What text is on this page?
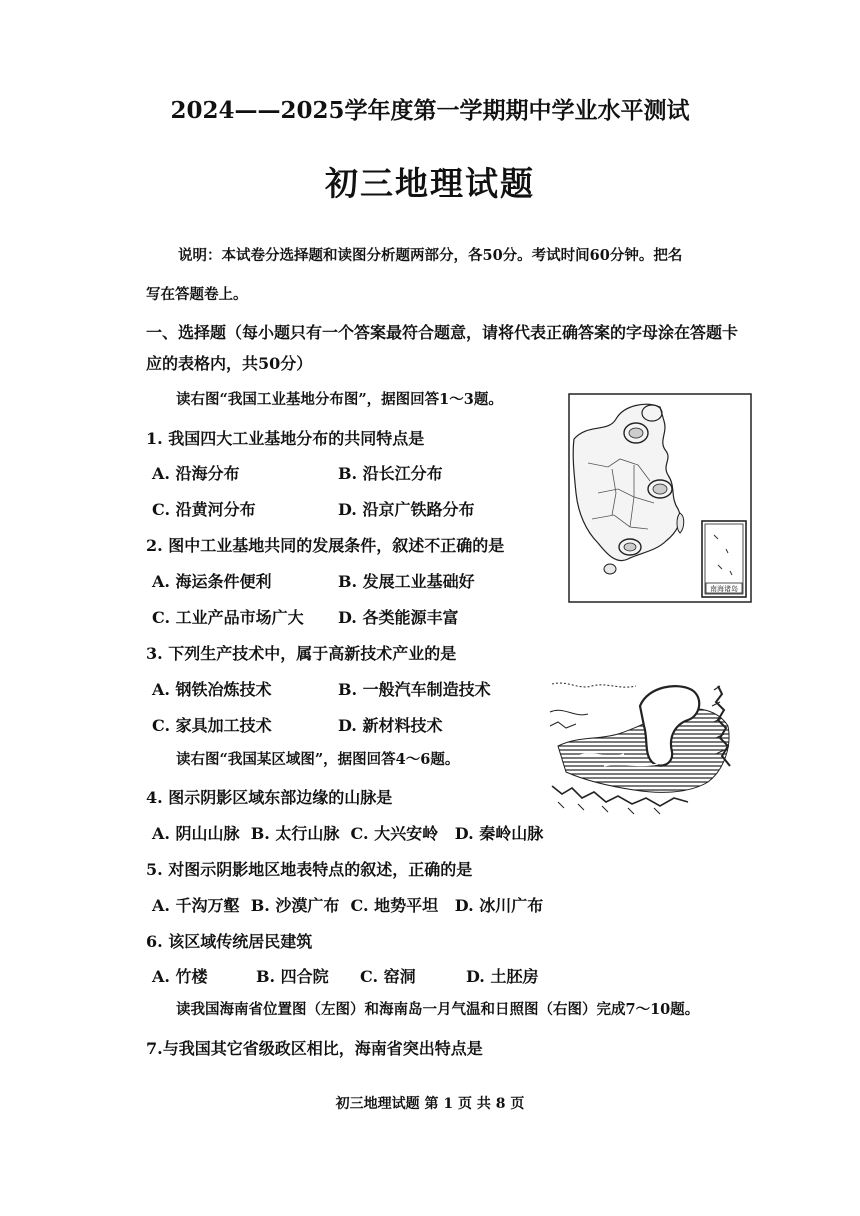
2024——2025学年度第一学期期中学业水平测试
初三地理试题
说明：本试卷分选择题和读图分析题两部分，各50分。考试时间60分钟。把名
写在答题卷上。
一、选择题（每小题只有一个答案最符合题意，请将代表正确答案的字母涂在答题卡
应的表格内，共50分）
读右图“我国工业基地分布图”，据图回答1～3题。
1. 我国四大工业基地分布的共同特点是
A. 沿海分布	B. 沿长江分布
C. 沿黄河分布	D. 沿京广铁路分布
2. 图中工业基地共同的发展条件，叙述不正确的是
A. 海运条件便利	B. 发展工业基础好
C. 工业产品市场广大 D. 各类能源丰富
3. 下列生产技术中，属于高新技术产业的是
A. 钢铁冶炼技术	B. 一般汽车制造技术
C. 家具加工技术	D. 新材料技术
读右图“我国某区域图”，据图回答4～6题。
4. 图示阴影区域东部边缘的山脉是
A. 阴山山脉  B. 太行山脉  C. 大兴安岭   D. 秦岭山脉
5. 对图示阴影地区地表特点的叙述，正确的是
A. 千沟万壑  B. 沙漠广布  C. 地势平坦   D. 冰川广布
6. 该区域传统居民建筑
A. 竹楼	B. 四合院 C. 窑洞	D. 土胚房
读我国海南省位置图（左图）和海南岛一月气温和日照图（右图）完成7～10题。
7.与我国其它省级政区相比，海南省突出特点是
南海诸岛
初三地理试题 第 1 页 共 8 页
